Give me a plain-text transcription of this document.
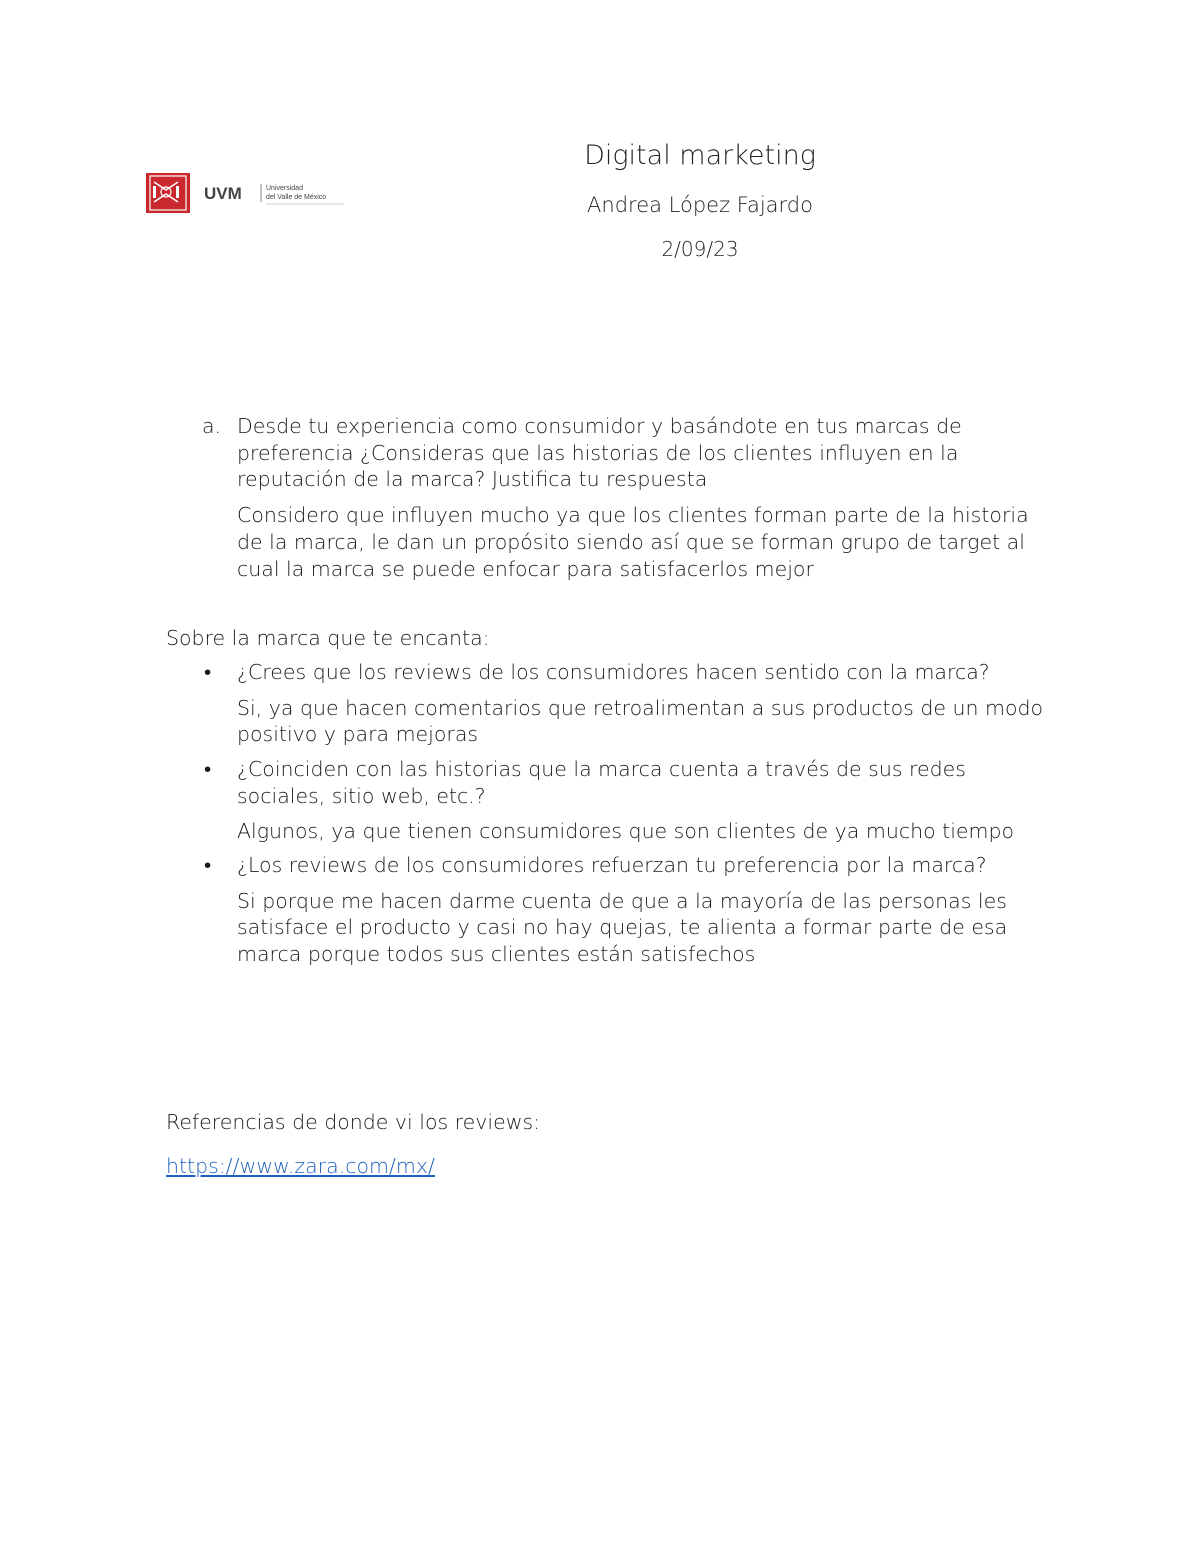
UVM	Universidad
del Valle de México
Digital marketing
Andrea López Fajardo
2/09/23
a. Desde tu experiencia como consumidor y basándote en tus marcas de preferencia ¿Consideras que las historias de los clientes influyen en la reputación de la marca? Justifica tu respuesta

Considero que influyen mucho ya que los clientes forman parte de la historia de la marca, le dan un propósito siendo así que se forman grupo de target al cual la marca se puede enfocar para satisfacerlos mejor

Sobre la marca que te encanta:
• ¿Crees que los reviews de los consumidores hacen sentido con la marca?

Si, ya que hacen comentarios que retroalimentan a sus productos de un modo positivo y para mejoras

• ¿Coinciden con las historias que la marca cuenta a través de sus redes sociales, sitio web, etc.?

Algunos, ya que tienen consumidores que son clientes de ya mucho tiempo

• ¿Los reviews de los consumidores refuerzan tu preferencia por la marca?

Si porque me hacen darme cuenta de que a la mayoría de las personas les satisface el producto y casi no hay quejas, te alienta a formar parte de esa marca porque todos sus clientes están satisfechos

Referencias de donde vi los reviews:
https://www.zara.com/mx/
